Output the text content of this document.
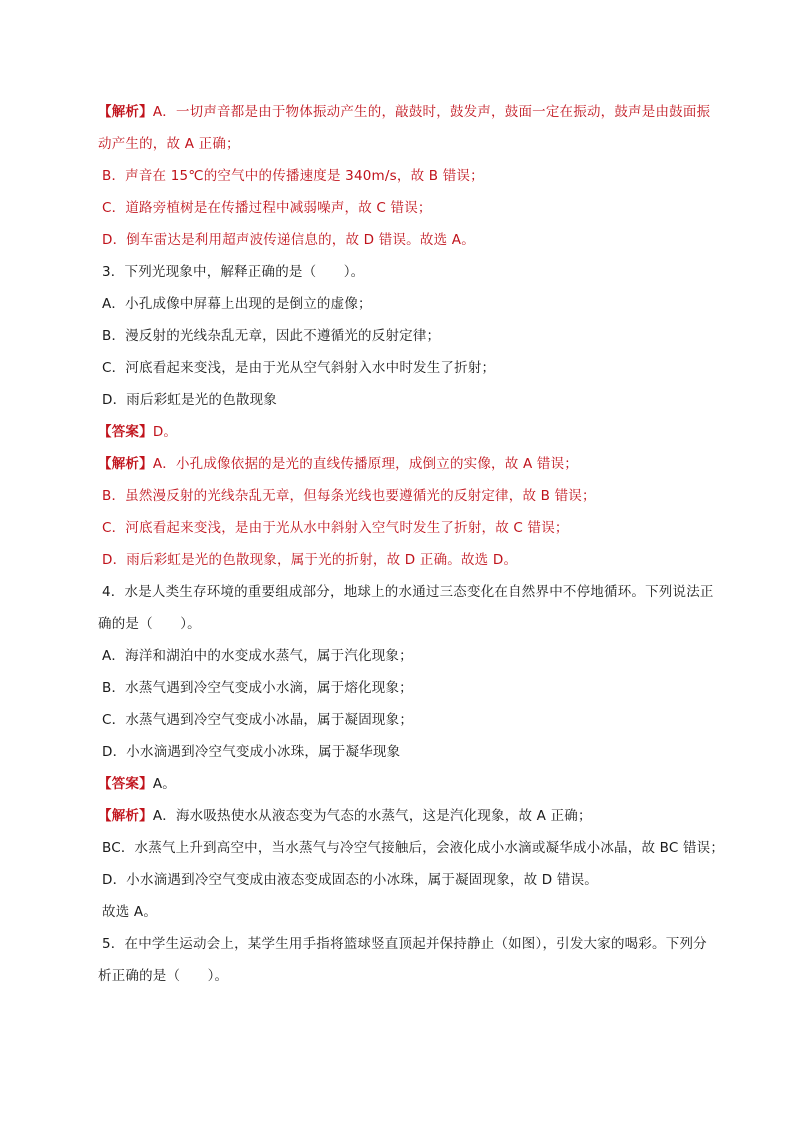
【解析】A．一切声音都是由于物体振动产生的，敲鼓时，鼓发声，鼓面一定在振动，鼓声是由鼓面振
动产生的，故 A 正确；
B．声音在 15℃的空气中的传播速度是 340m/s，故 B 错误；
C．道路旁植树是在传播过程中减弱噪声，故 C 错误；
D．倒车雷达是利用超声波传递信息的，故 D 错误。故选 A。
3．下列光现象中，解释正确的是（　　）。
A．小孔成像中屏幕上出现的是倒立的虚像；
B．漫反射的光线杂乱无章，因此不遵循光的反射定律；
C．河底看起来变浅，是由于光从空气斜射入水中时发生了折射；
D．雨后彩虹是光的色散现象
【答案】D。
【解析】A．小孔成像依据的是光的直线传播原理，成倒立的实像，故 A 错误；
B．虽然漫反射的光线杂乱无章，但每条光线也要遵循光的反射定律，故 B 错误；
C．河底看起来变浅，是由于光从水中斜射入空气时发生了折射，故 C 错误；
D．雨后彩虹是光的色散现象，属于光的折射，故 D 正确。故选 D。
4．水是人类生存环境的重要组成部分，地球上的水通过三态变化在自然界中不停地循环。下列说法正
确的是（　　）。
A．海洋和湖泊中的水变成水蒸气，属于汽化现象；
B．水蒸气遇到冷空气变成小水滴，属于熔化现象；
C．水蒸气遇到冷空气变成小冰晶，属于凝固现象；
D．小水滴遇到冷空气变成小冰珠，属于凝华现象
【答案】A。
【解析】A．海水吸热使水从液态变为气态的水蒸气，这是汽化现象，故 A 正确；
BC．水蒸气上升到高空中，当水蒸气与冷空气接触后，会液化成小水滴或凝华成小冰晶，故 BC 错误；
D．小水滴遇到冷空气变成由液态变成固态的小冰珠，属于凝固现象，故 D 错误。
故选 A。
5．在中学生运动会上，某学生用手指将篮球竖直顶起并保持静止（如图），引发大家的喝彩。下列分
析正确的是（　　）。
